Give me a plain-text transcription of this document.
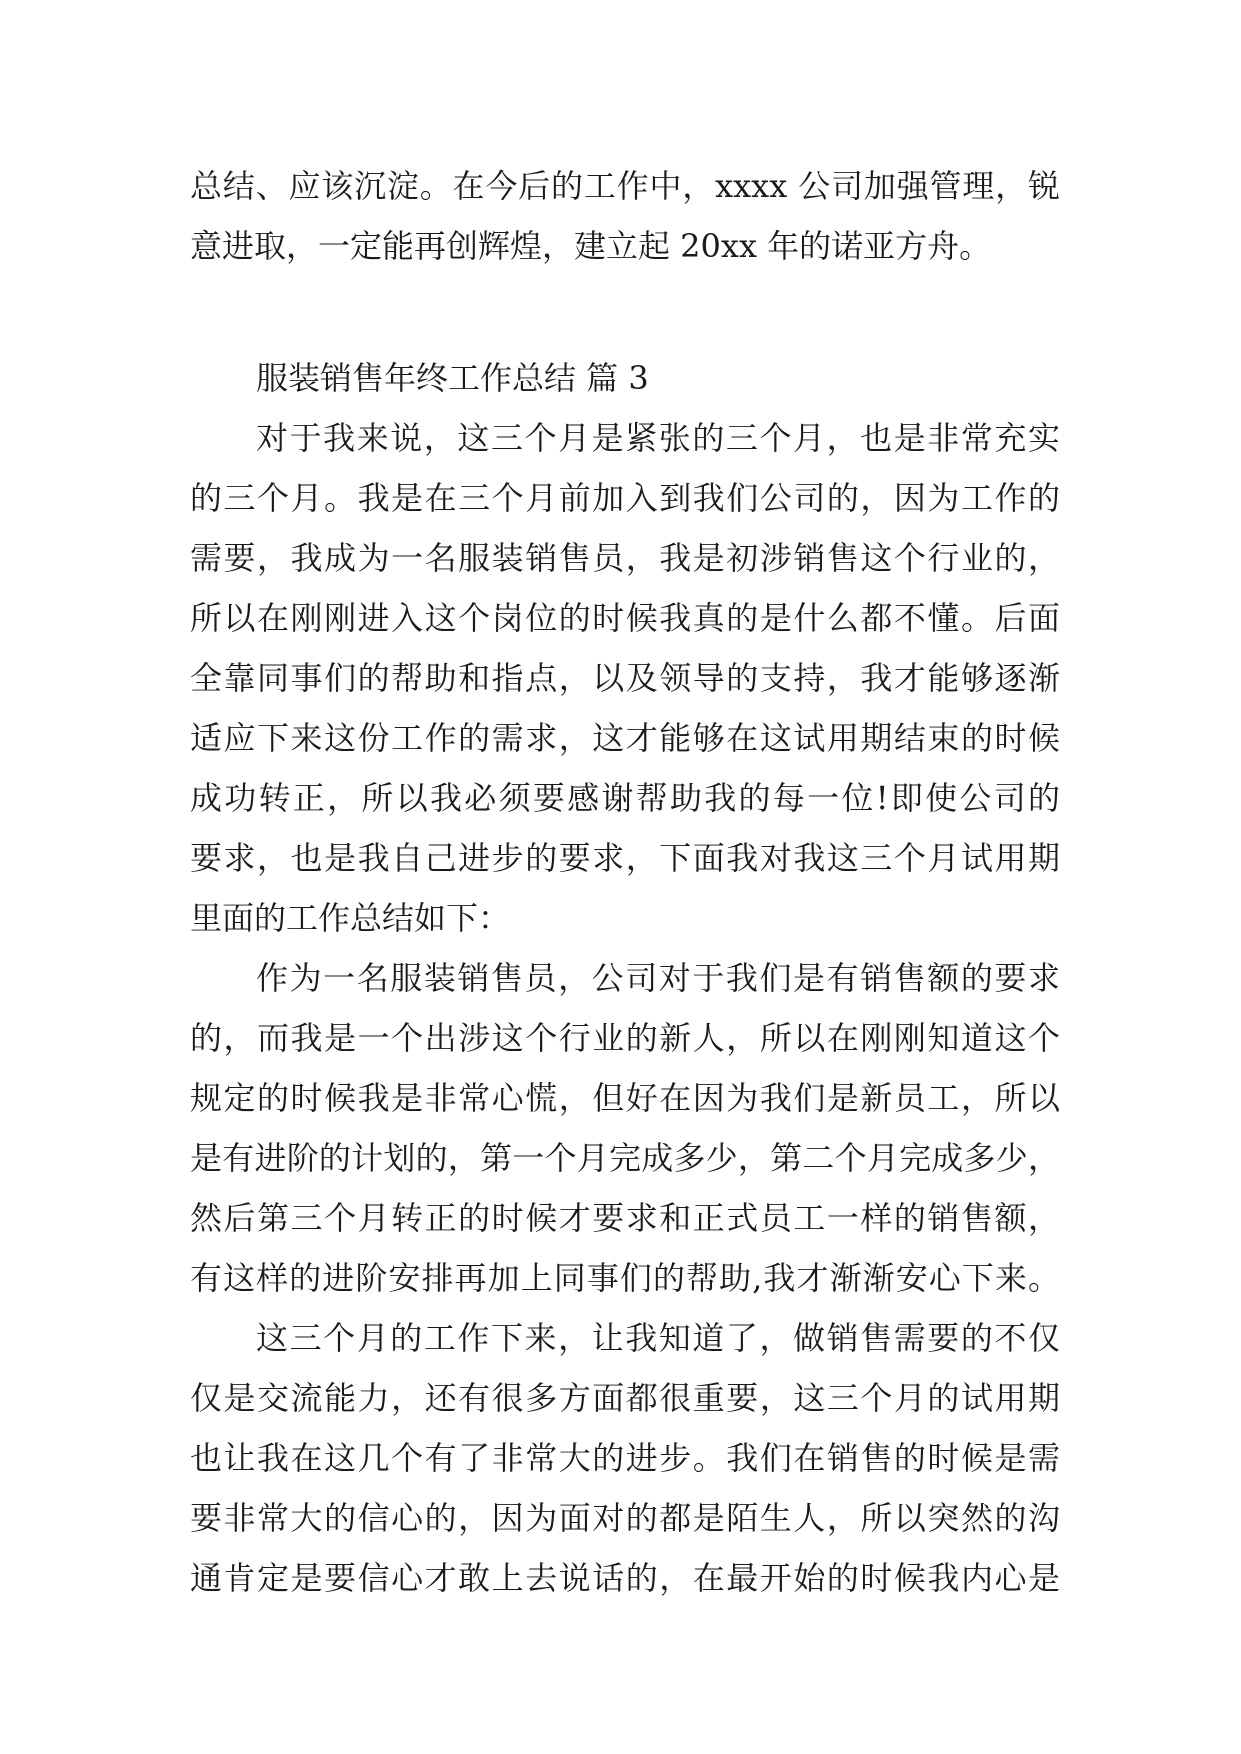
总结、应该沉淀。在今后的工作中，xxxx 公司加强管理，锐
意进取，一定能再创辉煌，建立起 20xx 年的诺亚方舟。
服装销售年终工作总结 篇 3
对于我来说，这三个月是紧张的三个月，也是非常充实
的三个月。我是在三个月前加入到我们公司的，因为工作的
需要，我成为一名服装销售员，我是初涉销售这个行业的，
所以在刚刚进入这个岗位的时候我真的是什么都不懂。后面
全靠同事们的帮助和指点，以及领导的支持，我才能够逐渐
适应下来这份工作的需求，这才能够在这试用期结束的时候
成功转正，所以我必须要感谢帮助我的每一位!即使公司的
要求，也是我自己进步的要求，下面我对我这三个月试用期
里面的工作总结如下：
作为一名服装销售员，公司对于我们是有销售额的要求
的，而我是一个出涉这个行业的新人，所以在刚刚知道这个
规定的时候我是非常心慌，但好在因为我们是新员工，所以
是有进阶的计划的，第一个月完成多少，第二个月完成多少，
然后第三个月转正的时候才要求和正式员工一样的销售额，
有这样的进阶安排再加上同事们的帮助,我才渐渐安心下来。
这三个月的工作下来，让我知道了，做销售需要的不仅
仅是交流能力，还有很多方面都很重要，这三个月的试用期
也让我在这几个有了非常大的进步。我们在销售的时候是需
要非常大的信心的，因为面对的都是陌生人，所以突然的沟
通肯定是要信心才敢上去说话的，在最开始的时候我内心是
